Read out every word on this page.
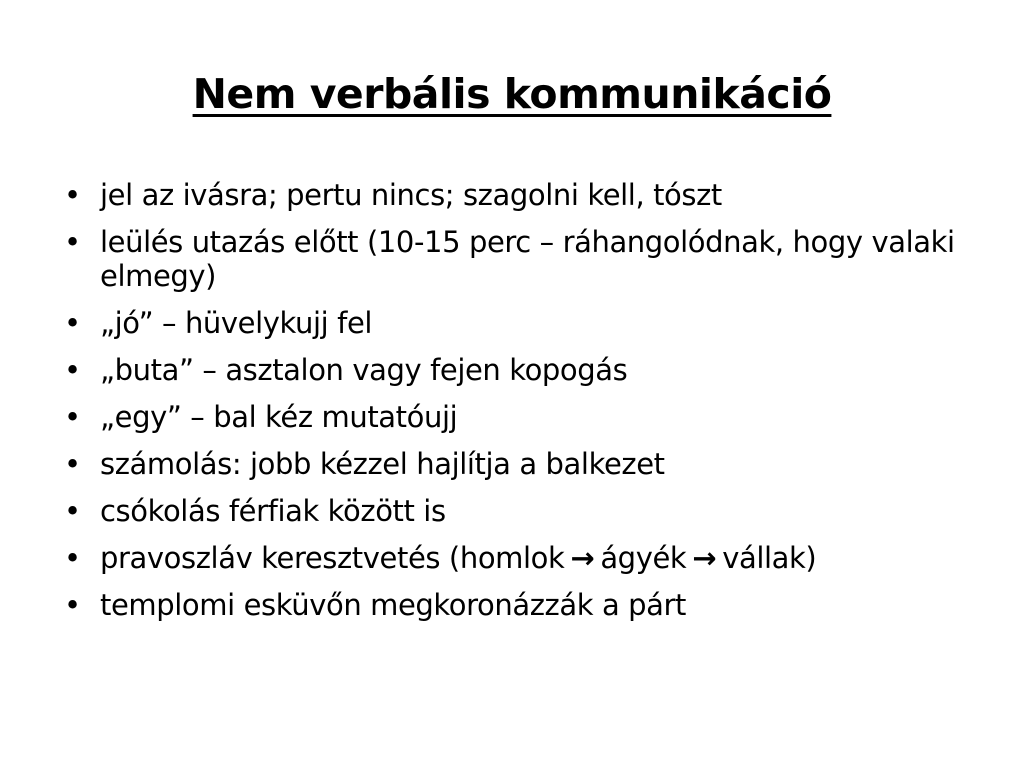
Nem verbális kommunikáció
• jel az ivásra; pertu nincs; szagolni kell, tószt
• leülés utazás előtt (10-15 perc – ráhangolódnak, hogy valaki elmegy)
• „jó” – hüvelykujj fel
• „buta” – asztalon vagy fejen kopogás
• „egy” – bal kéz mutatóujj
• számolás: jobb kézzel hajlítja a balkezet
• csókolás férfiak között is
• pravoszláv keresztvetés (homlok → ágyék → vállak)
• templomi esküvőn megkoronázzák a párt
